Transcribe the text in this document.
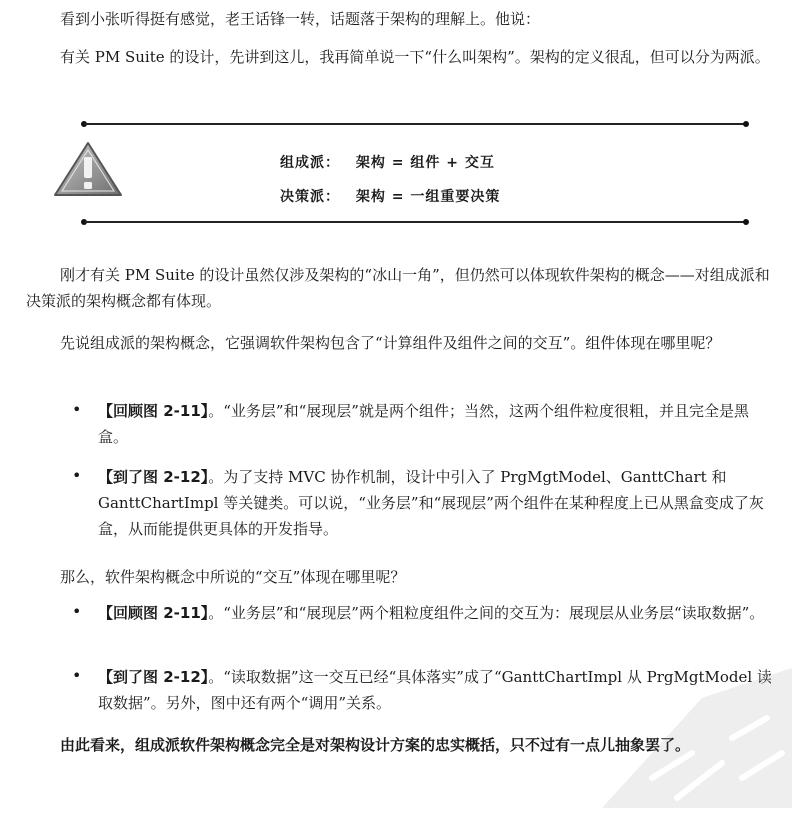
看到小张听得挺有感觉，老王话锋一转，话题落于架构的理解上。他说：

有关 PM Suite 的设计，先讲到这儿，我再简单说一下“什么叫架构”。架构的定义很乱，但可以分为两派。

组成派： 架构 = 组件 + 交互
决策派： 架构 = 一组重要决策

刚才有关 PM Suite 的设计虽然仅涉及架构的“冰山一角”，但仍然可以体现软件架构的概念——对组成派和决策派的架构概念都有体现。

先说组成派的架构概念，它强调软件架构包含了“计算组件及组件之间的交互”。组件体现在哪里呢？

• 【回顾图 2-11】。“业务层”和“展现层”就是两个组件；当然，这两个组件粒度很粗，并且完全是黑盒。

• 【到了图 2-12】。为了支持 MVC 协作机制，设计中引入了 PrgMgtModel、GanttChart 和 GanttChartImpl 等关键类。可以说，“业务层”和“展现层”两个组件在某种程度上已从黑盒变成了灰盒，从而能提供更具体的开发指导。

那么，软件架构概念中所说的“交互”体现在哪里呢？

• 【回顾图 2-11】。“业务层”和“展现层”两个粗粒度组件之间的交互为：展现层从业务层“读取数据”。

• 【到了图 2-12】。“读取数据”这一交互已经“具体落实”成了“GanttChartImpl 从 PrgMgtModel 读取数据”。另外，图中还有两个“调用”关系。

由此看来，组成派软件架构概念完全是对架构设计方案的忠实概括，只不过有一点儿抽象罢了。
